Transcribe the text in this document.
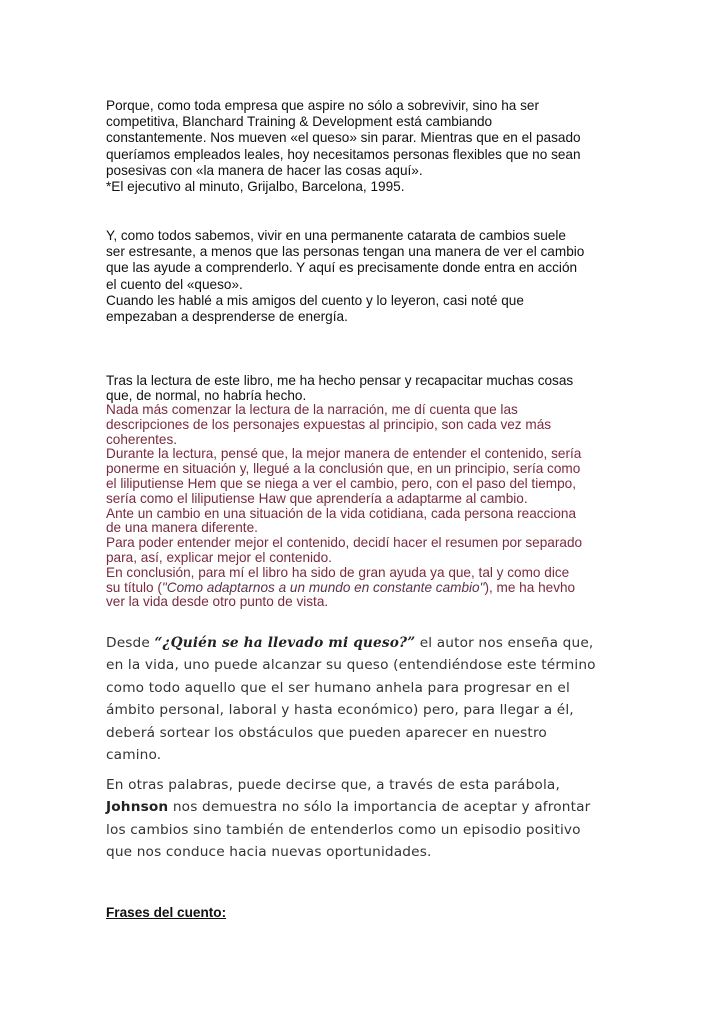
Porque, como toda empresa que aspire no sólo a sobrevivir, sino ha ser
competitiva, Blanchard Training & Development está cambiando
constantemente. Nos mueven «el queso» sin parar. Mientras que en el pasado
queríamos empleados leales, hoy necesitamos personas flexibles que no sean
posesivas con «la manera de hacer las cosas aquí».
*El ejecutivo al minuto, Grijalbo, Barcelona, 1995.
Y, como todos sabemos, vivir en una permanente catarata de cambios suele
ser estresante, a menos que las personas tengan una manera de ver el cambio
que las ayude a comprenderlo. Y aquí es precisamente donde entra en acción
el cuento del «queso».
Cuando les hablé a mis amigos del cuento y lo leyeron, casi noté que
empezaban a desprenderse de energía.
Tras la lectura de este libro, me ha hecho pensar y recapacitar muchas cosas
que, de normal, no habría hecho.
Nada más comenzar la lectura de la narración, me dí cuenta que las
descripciones de los personajes expuestas al principio, son cada vez más
coherentes.
Durante la lectura, pensé que, la mejor manera de entender el contenido, sería
ponerme en situación y, llegué a la conclusión que, en un principio, sería como
el liliputiense Hem que se niega a ver el cambio, pero, con el paso del tiempo,
sería como el liliputiense Haw que aprendería a adaptarme al cambio.
Ante un cambio en una situación de la vida cotidiana, cada persona reacciona
de una manera diferente.
Para poder entender mejor el contenido, decidí hacer el resumen por separado
para, así, explicar mejor el contenido.
En conclusión, para mí el libro ha sido de gran ayuda ya que, tal y como dice
su título ("Como adaptarnos a un mundo en constante cambio"), me ha hevho
ver la vida desde otro punto de vista.
Desde “¿Quién se ha llevado mi queso?” el autor nos enseña que,
en la vida, uno puede alcanzar su queso (entendiéndose este término
como todo aquello que el ser humano anhela para progresar en el
ámbito personal, laboral y hasta económico) pero, para llegar a él,
deberá sortear los obstáculos que pueden aparecer en nuestro
camino.
En otras palabras, puede decirse que, a través de esta parábola,
Johnson nos demuestra no sólo la importancia de aceptar y afrontar
los cambios sino también de entenderlos como un episodio positivo
que nos conduce hacia nuevas oportunidades.
Frases del cuento:
